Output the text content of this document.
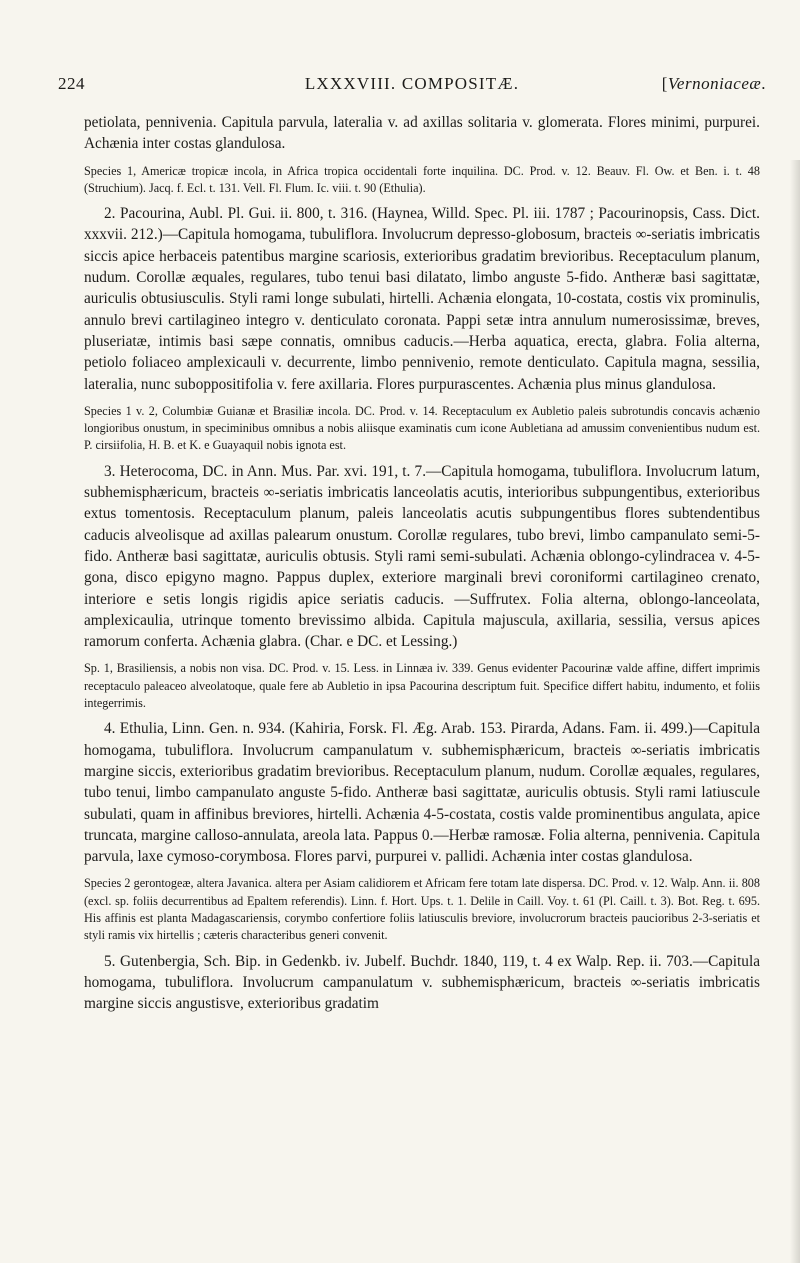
224	LXXXVIII. COMPOSITÆ.	[Vernoniaceæ.

petiolata, pennivenia. Capitula parvula, lateralia v. ad axillas solitaria v. glomerata. Flores minimi, purpurei. Achænia inter costas glandulosa.

Species 1, Americæ tropicæ incola, in Africa tropica occidentali forte inquilina. DC. Prod. v. 12. Beauv. Fl. Ow. et Ben. i. t. 48 (Struchium). Jacq. f. Ecl. t. 131. Vell. Fl. Flum. Ic. viii. t. 90 (Ethulia).

2. Pacourina, Aubl. Pl. Gui. ii. 800, t. 316. (Haynea, Willd. Spec. Pl. iii. 1787 ; Pacourinopsis, Cass. Dict. xxxvii. 212.)—Capitula homogama, tubuliflora. Involucrum depresso-globosum, bracteis ∞-seriatis imbricatis siccis apice herbaceis patentibus margine scariosis, exterioribus gradatim brevioribus. Receptaculum planum, nudum. Corollæ æquales, regulares, tubo tenui basi dilatato, limbo anguste 5-fido. Antheræ basi sagittatæ, auriculis obtusiusculis. Styli rami longe subulati, hirtelli. Achænia elongata, 10-costata, costis vix prominulis, annulo brevi cartilagineo integro v. denticulato coronata. Pappi setæ intra annulum numerosissimæ, breves, pluseriatæ, intimis basi sæpe connatis, omnibus caducis.—Herba aquatica, erecta, glabra. Folia alterna, petiolo foliaceo amplexicauli v. decurrente, limbo pennivenio, remote denticulato. Capitula magna, sessilia, lateralia, nunc suboppositifolia v. fere axillaria. Flores purpurascentes. Achænia plus minus glandulosa.

Species 1 v. 2, Columbiæ Guianæ et Brasiliæ incola. DC. Prod. v. 14. Receptaculum ex Aubletio paleis subrotundis concavis achænio longioribus onustum, in speciminibus omnibus a nobis aliisque examinatis cum icone Aubletiana ad amussim convenientibus nudum est. P. cirsiifolia, H. B. et K. e Guayaquil nobis ignota est.

3. Heterocoma, DC. in Ann. Mus. Par. xvi. 191, t. 7.—Capitula homogama, tubuliflora. Involucrum latum, subhemisphæricum, bracteis ∞-seriatis imbricatis lanceolatis acutis, interioribus subpungentibus, exterioribus extus tomentosis. Receptaculum planum, paleis lanceolatis acutis subpungentibus flores subtendentibus caducis alveolisque ad axillas palearum onustum. Corollæ regulares, tubo brevi, limbo campanulato semi-5-fido. Antheræ basi sagittatæ, auriculis obtusis. Styli rami semi-subulati. Achænia oblongo-cylindracea v. 4-5-gona, disco epigyno magno. Pappus duplex, exteriore marginali brevi coroniformi cartilagineo crenato, interiore e setis longis rigidis apice seriatis caducis. —Suffrutex. Folia alterna, oblongo-lanceolata, amplexicaulia, utrinque tomento brevissimo albida. Capitula majuscula, axillaria, sessilia, versus apices ramorum conferta. Achænia glabra. (Char. e DC. et Lessing.)

Sp. 1, Brasiliensis, a nobis non visa. DC. Prod. v. 15. Less. in Linnæa iv. 339. Genus evidenter Pacourinæ valde affine, differt imprimis receptaculo paleaceo alveolatoque, quale fere ab Aubletio in ipsa Pacourina descriptum fuit. Specifice differt habitu, indumento, et foliis integerrimis.

4. Ethulia, Linn. Gen. n. 934. (Kahiria, Forsk. Fl. Æg. Arab. 153. Pirarda, Adans. Fam. ii. 499.)—Capitula homogama, tubuliflora. Involucrum campanulatum v. subhemisphæricum, bracteis ∞-seriatis imbricatis margine siccis, exterioribus gradatim brevioribus. Receptaculum planum, nudum. Corollæ æquales, regulares, tubo tenui, limbo campanulato anguste 5-fido. Antheræ basi sagittatæ, auriculis obtusis. Styli rami latiuscule subulati, quam in affinibus breviores, hirtelli. Achænia 4-5-costata, costis valde prominentibus angulata, apice truncata, margine calloso-annulata, areola lata. Pappus 0.—Herbæ ramosæ. Folia alterna, pennivenia. Capitula parvula, laxe cymoso-corymbosa. Flores parvi, purpurei v. pallidi. Achænia inter costas glandulosa.

Species 2 gerontogeæ, altera Javanica. altera per Asiam calidiorem et Africam fere totam late dispersa. DC. Prod. v. 12. Walp. Ann. ii. 808 (excl. sp. foliis decurrentibus ad Epaltem referendis). Linn. f. Hort. Ups. t. 1. Delile in Caill. Voy. t. 61 (Pl. Caill. t. 3). Bot. Reg. t. 695. His affinis est planta Madagascariensis, corymbo confertiore foliis latiusculis breviore, involucrorum bracteis paucioribus 2-3-seriatis et styli ramis vix hirtellis ; cæteris characteribus generi convenit.

5. Gutenbergia, Sch. Bip. in Gedenkb. iv. Jubelf. Buchdr. 1840, 119, t. 4 ex Walp. Rep. ii. 703.—Capitula homogama, tubuliflora. Involucrum campanulatum v. subhemisphæricum, bracteis ∞-seriatis imbricatis margine siccis angustisve, exterioribus gradatim
